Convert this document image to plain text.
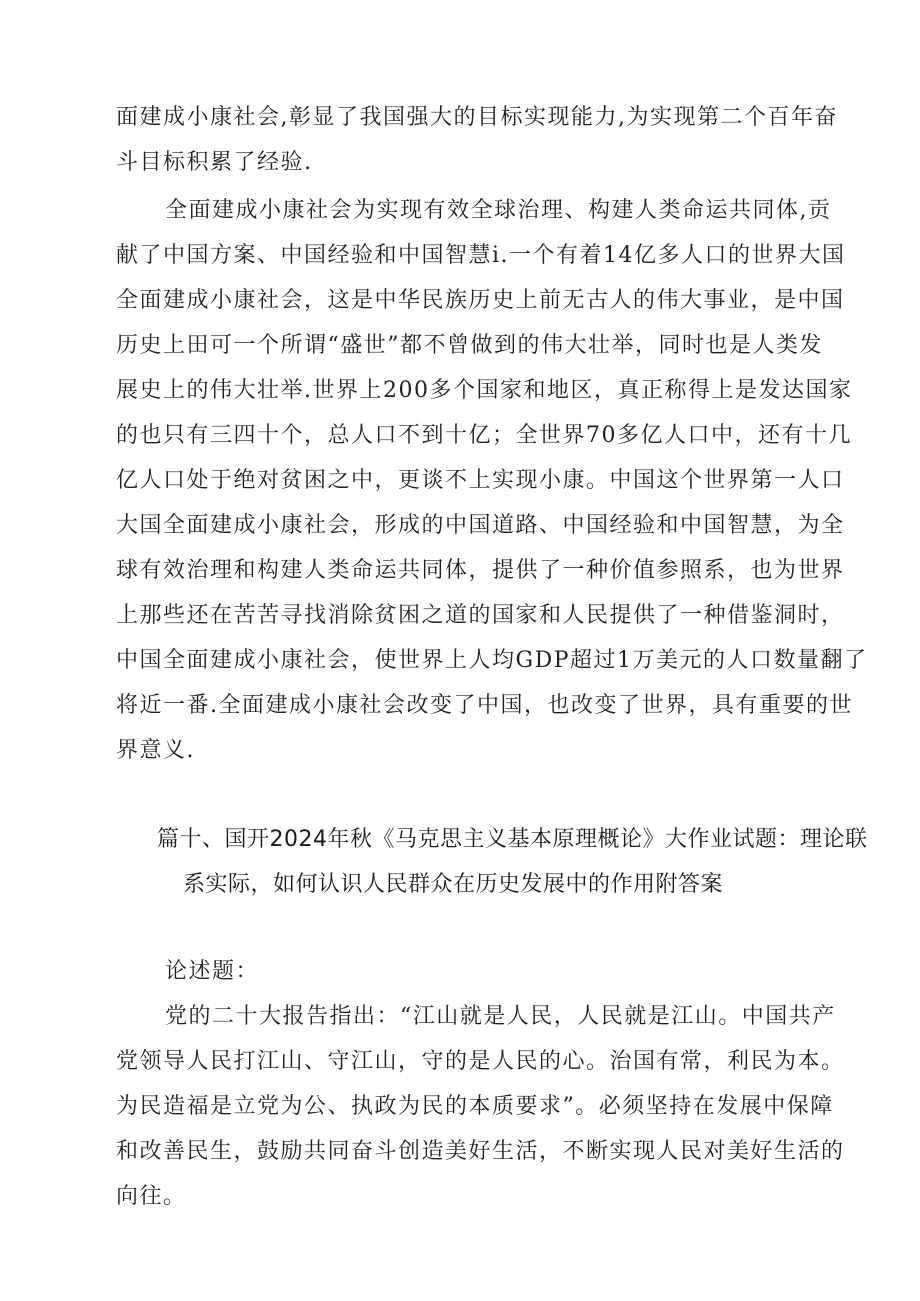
面建成小康社会,彰显了我国强大的目标实现能力,为实现第二个百年奋
斗目标积累了经验.
全面建成小康社会为实现有效全球治理、构建人类命运共同体,贡
献了中国方案、中国经验和中国智慧i.一个有着14亿多人口的世界大国
全面建成小康社会，这是中华民族历史上前无古人的伟大事业，是中国
历史上田可一个所谓“盛世”都不曾做到的伟大壮举，同时也是人类发
展史上的伟大壮举.世界上200多个国家和地区，真正称得上是发达国家
的也只有三四十个，总人口不到十亿；全世界70多亿人口中，还有十几
亿人口处于绝对贫困之中，更谈不上实现小康。中国这个世界第一人口
大国全面建成小康社会，形成的中国道路、中国经验和中国智慧，为全
球有效治理和构建人类命运共同体，提供了一种价值参照系，也为世界
上那些还在苦苦寻找消除贫困之道的国家和人民提供了一种借鉴洞时，
中国全面建成小康社会，使世界上人均GDP超过1万美元的人口数量翻了
将近一番.全面建成小康社会改变了中国，也改变了世界，具有重要的世
界意义.
篇十、国开2024年秋《马克思主义基本原理概论》大作业试题：理论联
系实际，如何认识人民群众在历史发展中的作用附答案
论述题：
党的二十大报告指出：“江山就是人民，人民就是江山。中国共产
党领导人民打江山、守江山，守的是人民的心。治国有常，利民为本。
为民造福是立党为公、执政为民的本质要求”。必须坚持在发展中保障
和改善民生，鼓励共同奋斗创造美好生活，不断实现人民对美好生活的
向往。
